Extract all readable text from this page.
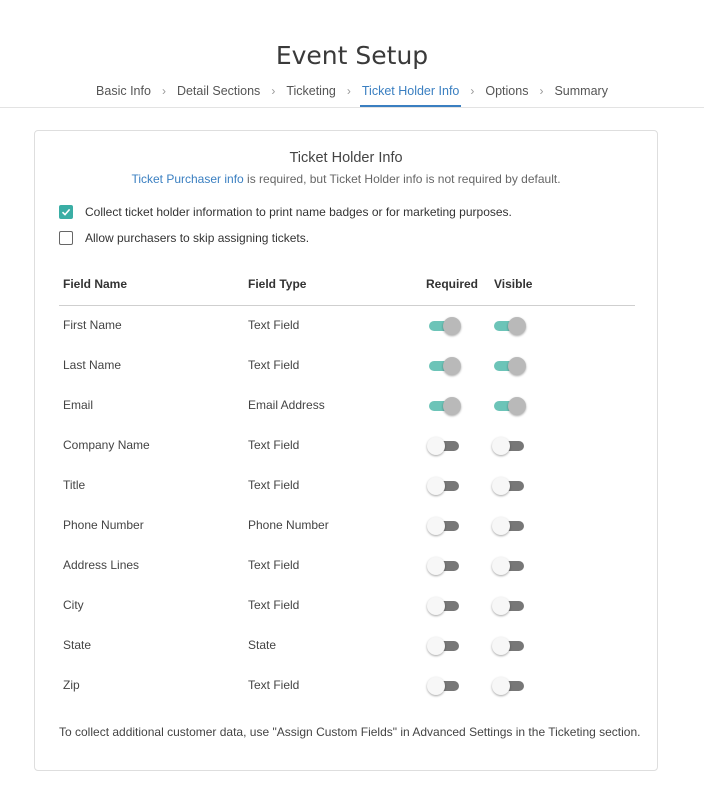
Event Setup
Basic Info › Detail Sections › Ticketing › Ticket Holder Info › Options › Summary
Ticket Holder Info
Ticket Purchaser info is required, but Ticket Holder info is not required by default.
Collect ticket holder information to print name badges or for marketing purposes.
Allow purchasers to skip assigning tickets.
Field Name	Field Type	Required Visible
First Name	Text Field
Last Name	Text Field
Email	Email Address
Company Name	Text Field
Title	Text Field
Phone Number	Phone Number
Address Lines	Text Field
City	Text Field
State	State
Zip	Text Field
To collect additional customer data, use "Assign Custom Fields" in Advanced Settings in the Ticketing section.
